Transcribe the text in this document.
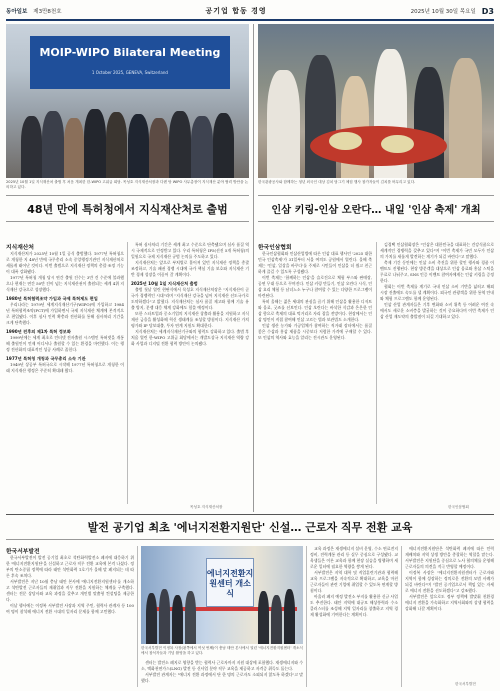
동아일보 제3만8천호	공기업 합동 경영	2025년 10월 30일 목요일 D3
MOIP-WIPO Bilateral Meeting
1 October 2025, GENEVA, Switzerland
2025년 10월 1일 지식재산처 출범 후 처음 개최한 한-WIPO 고위급 회담. 목성호 지식재산처장과 다렌 탕 WIPO 사무총장이 지식재산 분야 협력 방안을 논의하고 있다.
48년 만에 특허청에서 지식재산처로 출범
지식재산처

지식재산처가 2025년 10월 1일 공식 출범했다. 1977년 특허청으로 개청한 지 48년 만에 국무총리 소속 중앙행정기관인 지식재산처로 새롭게 태어난 것이다. 이번 출범으로 지식재산 정책의 총괄·조정 기능이 대폭 강화됐다.

1977년 특허청 개청 당시 연간 출원 건수는 3만 건 수준에 불과했으나 현재는 연간 50만 건이 넘는 지식재산권이 출원되는 세계 4위 지식재산 강국으로 성장했다.

1980년 특허협력조약 가입과 국제 특허제도 편입

우리나라는 1979년 세계지식재산기구(WIPO)에 가입하고 1984년 특허협력조약(PCT)에 가입하면서 국제 지식재산 체계에 본격적으로 편입됐다. 이후 심사 인력 확충과 전산화를 통해 심사처리 기간을 크게 단축했다.

1990년 전후의 제1차 특허 정보화

1999년에는 세계 최초로 인터넷 전자출원 시스템인 특허넷을 개통해 출원인이 언제 어디서나 출원할 수 있는 환경을 마련했다. 이는 행정 전산화의 대표적인 성공 사례로 꼽힌다.

1977년 특허청 개청과 국무총리 소속 기관

1949년 상공부 특허국으로 시작해 1977년 특허청으로 개청한 이래 지식재산 행정은 꾸준히 확대돼 왔다.

특허 심사처리 기간은 세계 최고 수준으로 단축됐으며 심사 품질 역시 국제적으로 인정받고 있다. 우리 특허청은 IP5(선진 5개 특허청)의 일원으로 국제 지식재산 규범 논의를 주도하고 있다.

지식재산처는 앞으로 부처별로 흩어져 있던 지식재산 정책을 총괄 조정하고, 기술 패권 경쟁 시대에 국가 핵심 기술 보호와 지식재산 기반 경제 성장을 이끌어 갈 계획이다.

2025년 10월 1일 지식재산처 출범

출범 첫날 열린 현판식에서 목성호 지식재산처장은 "지식재산이 곧 국가 경쟁력인 시대"라며 "지식재산 강국을 넘어 지식재산 선도국가로 도약하겠다"고 밝혔다. 지식재산처는 심사 품질 제고와 함께 기술 유출 방지, 분쟁 대응 체계 강화에도 힘쓸 예정이다.

또한 스타트업과 중소기업의 지식재산 창출과 활용을 지원하고 지식재산 금융을 활성화해 혁신 생태계를 조성할 방침이다. 지식재산 가치평가와 IP 담보대출, 투자 연계 지원도 확대한다.

지식재산처는 세계지식재산기구와의 협력도 강화하고 있다. 출범 후 처음 열린 한-WIPO 고위급 회담에서는 개발도상국 지식재산 역량 강화 사업과 디지털 전환 협력 방안이 논의됐다.

목성호 지식재산처장
한국관광공사와 함께하는 청년 외국인 대상 김치 담그기 체험 행사 참가자들이 김치를 버무리고 있다.
인삼 키링-인삼 오란다… 내일 '인삼 축제' 개최
한국인삼협회

한국인삼협회와 인삼산업법에 따른 인삼 대표 행사인 '2025 대한민국 인삼축제'가 31일부터 서울 여의도 공원에서 열린다. 올해 축제는 '인삼, 일상을 바꾸다'를 주제로 시민들이 인삼을 더 쉽고 친근하게 즐길 수 있도록 구성됐다.

이번 축제는 '함께하는 인삼'을 슬로건으로 체험 부스와 판매장, 공연 무대 등으로 꾸며진다. 인삼 키링 만들기, 인삼 오란다 시식, 인삼 요리 체험 등 남녀노소 누구나 참여할 수 있는 다양한 프로그램이 마련된다.

특히 올해는 젊은 세대의 관심을 끌기 위해 인삼을 활용한 디저트와 음료, 굿즈를 선보인다. 인삼 오란다는 바삭한 식감과 은은한 인삼 향으로 축제의 대표 먹거리로 자리 잡을 전망이다. 현장에서는 인삼 명인이 직접 참여해 인삼 고르는 법과 보관법도 소개한다.

인삼 생산 농가와 가공업체가 참여하는 직거래 장터에서는 품질 좋은 수삼과 홍삼 제품을 시중보다 저렴한 가격에 구매할 수 있다. 또 인삼의 역사와 효능을 알리는 전시관도 운영된다.

김경택 인삼협회장은 "인삼은 대한민국을 대표하는 건강식품으로 세계적인 경쟁력을 갖추고 있다"며 "이번 축제가 국민 모두가 인삼의 가치를 새롭게 발견하는 계기가 되길 바란다"고 말했다.

축제 기간 동안에는 인삼 소비 촉진을 위한 할인 행사와 경품 이벤트도 진행된다. 현장 방문객을 대상으로 인삼 음료와 홍삼 스틱을 무료로 나눠주고, SNS 인증 이벤트 참여자에게는 인삼 키링을 증정한다.

협회는 이번 축제를 계기로 국내 인삼 소비 기반을 넓히고 해외 시장 진출에도 속도를 낼 계획이다. 외국인 관광객을 위한 통역 안내와 체험 프로그램도 함께 운영된다.

인삼 산업 관계자들은 기후 변화와 소비 위축 등 어려운 여건 속에서도 새로운 소비층을 발굴하는 것이 중요하다며 이번 축제가 인삼 산업 재도약의 출발점이 되길 기대하고 있다.

한국인삼협회
발전 공기업 최초 '에너지전환지원단' 신설… 근로자 직무 전환 교육
한국서부발전

한국서부발전이 발전 공기업 최초로 석탄화력발전소 폐지에 대응하기 위한 '에너지전환지원단'을 신설하고 근로자 직무 전환 교육에 본격 나섰다. 정부의 탄소중립 정책에 따라 태안 석탄화력 1호기가 올해 말 폐지되는 데 따른 후속 조치다.

서부발전은 지난 10월 충남 태안 본사에 '에너지전환지원센터'를 개소하고 석탄발전 근로자들의 재취업과 직무 전환을 지원하는 체계를 구축했다. 센터는 전문 상담사와 교육 과정을 갖추고 개인별 맞춤형 컨설팅을 제공한다.

이날 행사에는 이정복 서부발전 사장과 지역 주민, 협력사 관계자 등 100여 명이 참석해 에너지 전환 시대의 일자리 문제를 함께 고민했다.

에너지전환지원센터 개소식
한국서부발전 이정복 사장(왼쪽에서 여섯 번째)이 충남 태안 본사에서 열린 '에너지전환지원센터' 개소식에서 참석자들과 기념 촬영을 하고 있다.

센터는 발전소 폐지로 영향을 받는 협력사 근로자까지 지원 대상에 포함했다. 재생에너지와 수소, 액화천연가스(LNG) 발전 등 신사업 분야 직무 교육을 제공하고 자격증 취득도 돕는다.

서부발전 관계자는 "에너지 전환 과정에서 단 한 명의 근로자도 소외되지 않도록 하겠다"고 말했다.

교육 과정은 재생에너지 설비 운영, 수소 연료전지 정비, 전력계통 관리 등 실무 중심으로 구성됐다. 교육생들은 이론 교육과 함께 현장 실습을 병행하며 새로운 일터에 필요한 역량을 쌓게 된다.

서부발전은 지역 대학 및 직업훈련기관과 협력해 교육 프로그램을 지속적으로 확대하고, 교육을 마친 근로자들이 관련 기업에 취업할 수 있도록 연계할 방침이다.

아울러 폐지 예정 발전소 부지를 활용한 신규 사업도 추진한다. 태안 지역에 대규모 해상풍력과 수소 클러스터를 조성해 지역 일자리를 창출하고 지역 경제 활성화에 기여한다는 계획이다.

에너지전환지원단은 석탄화력 폐지에 따른 인력 재배치와 지역 상생 방안을 총괄하는 역할을 맡는다. 서부발전은 지원단을 중심으로 노사 협의체를 운영해 근로자들의 의견을 적극 반영할 예정이다.

이정복 사장은 "에너지전환지원센터가 근로자와 지역이 함께 성장하는 정의로운 전환의 모범 사례가 되길 바란다"며 "발전 공기업으로서 책임 있는 자세로 에너지 전환을 선도하겠다"고 강조했다.

서부발전은 앞으로도 정부 정책에 발맞춰 친환경 에너지 전환을 가속화하고 지역사회와의 상생 협력을 강화해 나갈 계획이다.

한국서부발전
